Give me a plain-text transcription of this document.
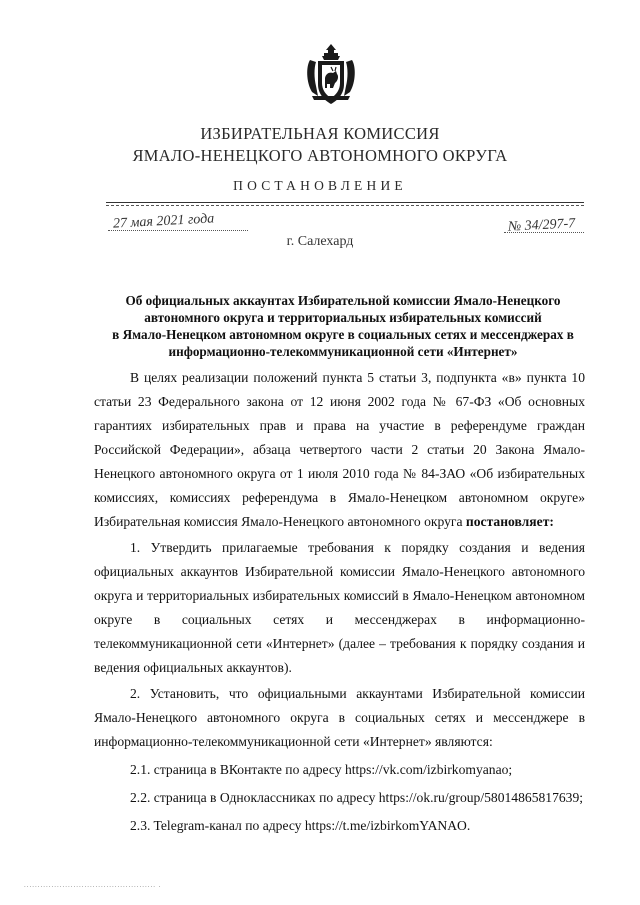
ИЗБИРАТЕЛЬНАЯ КОМИССИЯ
ЯМАЛО-НЕНЕЦКОГО АВТОНОМНОГО ОКРУГА
ПОСТАНОВЛЕНИЕ
27 мая 2021 года	№ 34/297-7
г. Салехард
Об официальных аккаунтах Избирательной комиссии Ямало-Ненецкого
автономного округа и территориальных избирательных комиссий
в Ямало-Ненецком автономном округе в социальных сетях и мессенджерах в
информационно-телекоммуникационной сети «Интернет»

В целях реализации положений пункта 5 статьи 3, подпункта «в» пункта 10 статьи 23 Федерального закона от 12 июня 2002 года № 67-ФЗ «Об основных гарантиях избирательных прав и права на участие в референдуме граждан Российской Федерации», абзаца четвертого части 2 статьи 20 Закона Ямало-Ненецкого автономного округа от 1 июля 2010 года № 84-ЗАО «Об избирательных комиссиях, комиссиях референдума в Ямало-Ненецком автономном округе» Избирательная комиссия Ямало-Ненецкого автономного округа постановляет:

1. Утвердить прилагаемые требования к порядку создания и ведения официальных аккаунтов Избирательной комиссии Ямало-Ненецкого автономного округа и территориальных избирательных комиссий в Ямало-Ненецком автономном округе в социальных сетях и мессенджерах в информационно-телекоммуникационной сети «Интернет» (далее – требования к порядку создания и ведения официальных аккаунтов).

2. Установить, что официальными аккаунтами Избирательной комиссии Ямало-Ненецкого автономного округа в социальных сетях и мессенджере в информационно-телекоммуникационной сети «Интернет» являются:

2.1. страница в ВКонтакте по адресу https://vk.com/izbirkomyanao;

2.2. страница в Одноклассниках по адресу https://ok.ru/group/58014865817639;

2.3. Telegram-канал по адресу https://t.me/izbirkomYANAO.

................................................ .
